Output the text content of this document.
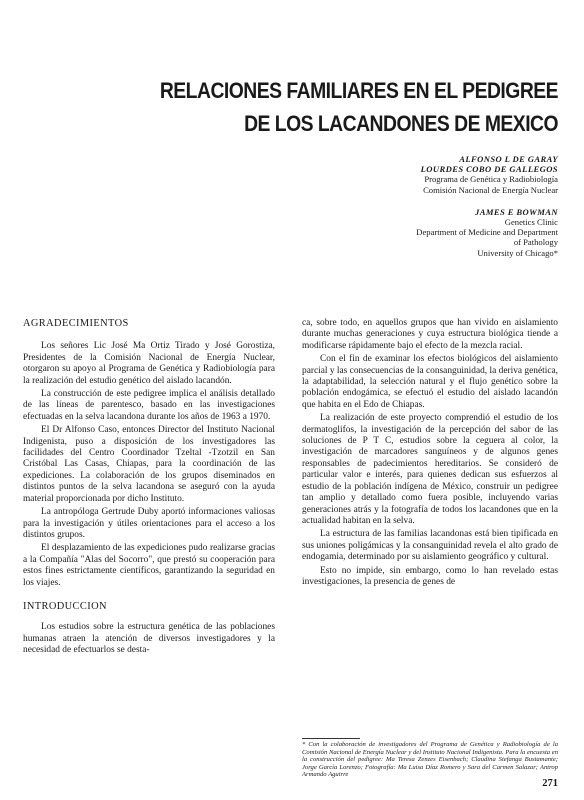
RELACIONES FAMILIARES EN EL PEDIGREE
DE LOS LACANDONES DE MEXICO
ALFONSO L DE GARAY
LOURDES COBO DE GALLEGOS
Programa de Genética y Radiobiología
Comisión Nacional de Energía Nuclear
JAMES E BOWMAN
Genetics Clinic
Department of Medicine and Department
of Pathology
University of Chicago*
AGRADECIMIENTOS

Los señores Lic José Ma Ortiz Tirado y José Gorostiza, Presidentes de la Comisión Nacional de Energía Nuclear, otorgaron su apoyo al Programa de Genética y Radiobiología para la realización del estudio genético del aislado lacandón.

La construcción de este pedigree implica el análisis detallado de las líneas de parentesco, basado en las investigaciones efectuadas en la selva lacandona durante los años de 1963 a 1970.

El Dr Alfonso Caso, entonces Director del Instituto Nacional Indigenista, puso a disposición de los investigadores las facilidades del Centro Coordinador Tzeltal -Tzotzil en San Cristóbal Las Casas, Chiapas, para la coordinación de las expediciones. La colaboración de los grupos diseminados en distintos puntos de la selva lacandona se aseguró con la ayuda material proporcionada por dicho Instituto.

La antropóloga Gertrude Duby aportó informaciones valiosas para la investigación y útiles orientaciones para el acceso a los distintos grupos.

El desplazamiento de las expediciones pudo realizarse gracias a la Compañía "Alas del Socorro", que prestó su cooperación para estos fines estrictamente científicos, garantizando la seguridad en los viajes.

INTRODUCCION

Los estudios sobre la estructura genética de las poblaciones humanas atraen la atención de diversos investigadores y la necesidad de efectuarlos se desta-

ca, sobre todo, en aquellos grupos que han vivido en aislamiento durante muchas generaciones y cuya estructura biológica tiende a modificarse rápidamente bajo el efecto de la mezcla racial.

Con el fin de examinar los efectos biológicos del aislamiento parcial y las consecuencias de la consanguinidad, la deriva genética, la adaptabilidad, la selección natural y el flujo genético sobre la población endogámica, se efectuó el estudio del aislado lacandón que habita en el Edo de Chiapas.

La realización de este proyecto comprendió el estudio de los dermatoglifos, la investigación de la percepción del sabor de las soluciones de P T C, estudios sobre la ceguera al color, la investigación de marcadores sanguíneos y de algunos genes responsables de padecimientos hereditarios. Se consideró de particular valor e interés, para quienes dedican sus esfuerzos al estudio de la población indígena de México, construir un pedigree tan amplio y detallado como fuera posible, incluyendo varias generaciones atrás y la fotografía de todos los lacandones que en la actualidad habitan en la selva.

La estructura de las familias lacandonas está bien tipificada en sus uniones poligámicas y la consanguinidad revela el alto grado de endogamia, determinado por su aislamiento geográfico y cultural.

Esto no impide, sin embargo, como lo han revelado estas investigaciones, la presencia de genes de

* Con la colaboración de investigadores del Programa de Genética y Radiobiología de la Comisión Nacional de Energía Nuclear y del Instituto Nacional Indigenista. Para la encuesta en la construcción del pedigree: Ma Teresa Zenzes Eisenbach; Claudina Stefanga Bustamante; Jorge García Lorenzo; Fotografía: Ma Luisa Díaz Romero y Sara del Carmen Salazar; Antrop Armando Aguirre
271
